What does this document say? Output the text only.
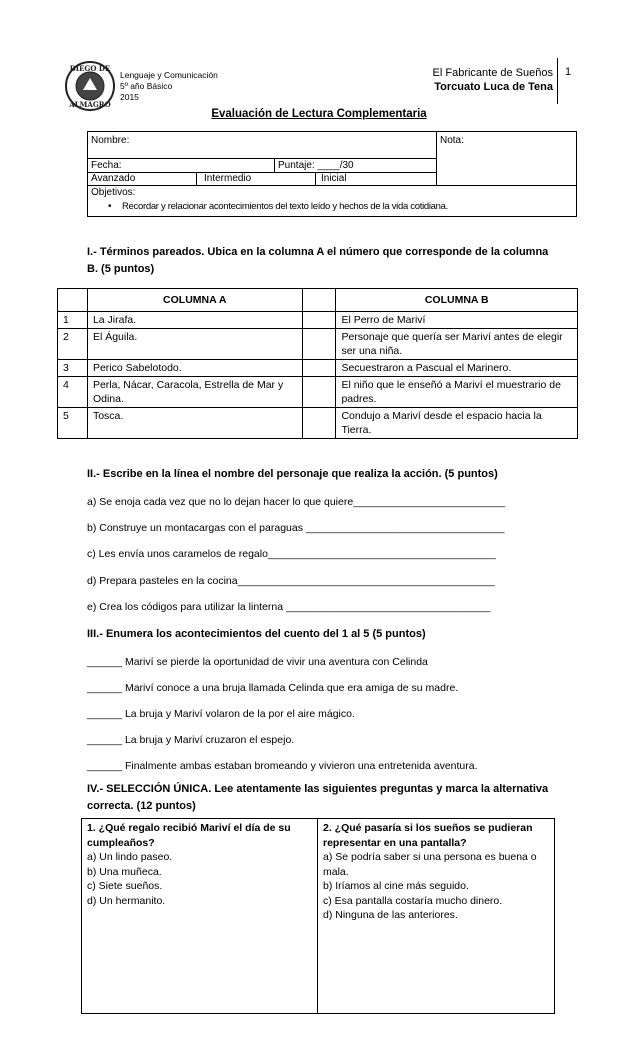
DIEGO DE
ALMAGRO
Lenguaje y Comunicación
5º año Básico
2015
El Fabricante de Sueños
Torcuato Luca de Tena
1
Evaluación de Lectura Complementaria
Nombre:	Nota:
Fecha:	Puntaje: ____/30
Avanzado	Intermedio	Inicial
Objetivos:
• Recordar y relacionar acontecimientos del texto leído y hechos de la vida cotidiana.
I.- Términos pareados. Ubica en la columna A el número que corresponde de la columna
B. (5 puntos)
	COLUMNA A		COLUMNA B
1	La Jirafa.		El Perro de Mariví
2	El Águila.		Personaje que quería ser Mariví antes de elegir ser una niña.
3	Perico Sabelotodo.		Secuestraron a Pascual el Marinero.
4	Perla, Nácar, Caracola, Estrella de Mar y Odina.		El niño que le enseñó a Mariví el muestrario de padres.
5	Tosca.		Condujo a Mariví desde el espacio hacia la Tierra.
II.- Escribe en la línea el nombre del personaje que realiza la acción. (5 puntos)
a) Se enoja cada vez que no lo dejan hacer lo que quiere__________________________
b) Construye un montacargas con el paraguas __________________________________
c) Les envía unos caramelos de regalo_______________________________________
d) Prepara pasteles en la cocina____________________________________________
e) Crea los códigos para utilizar la linterna ___________________________________
III.- Enumera los acontecimientos del cuento del 1 al 5 (5 puntos)
______ Mariví se pierde la oportunidad de vivir una aventura con Celinda
______ Mariví conoce a una bruja llamada Celinda que era amiga de su madre.
______ La bruja y Mariví volaron de la por el aire mágico.
______ La bruja y Mariví cruzaron el espejo.
______ Finalmente ambas estaban bromeando y vivieron una entretenida aventura.
IV.- SELECCIÓN ÚNICA. Lee atentamente las siguientes preguntas y marca la alternativa
correcta. (12 puntos)
1. ¿Qué regalo recibió Mariví el día de su cumpleaños?
a) Un lindo paseo.
b) Una muñeca.
c) Siete sueños.
d) Un hermanito.
2. ¿Qué pasaría si los sueños se pudieran representar en una pantalla?
a) Se podría saber si una persona es buena o mala.
b) Iríamos al cine más seguido.
c) Esa pantalla costaría mucho dinero.
d) Ninguna de las anteriores.
